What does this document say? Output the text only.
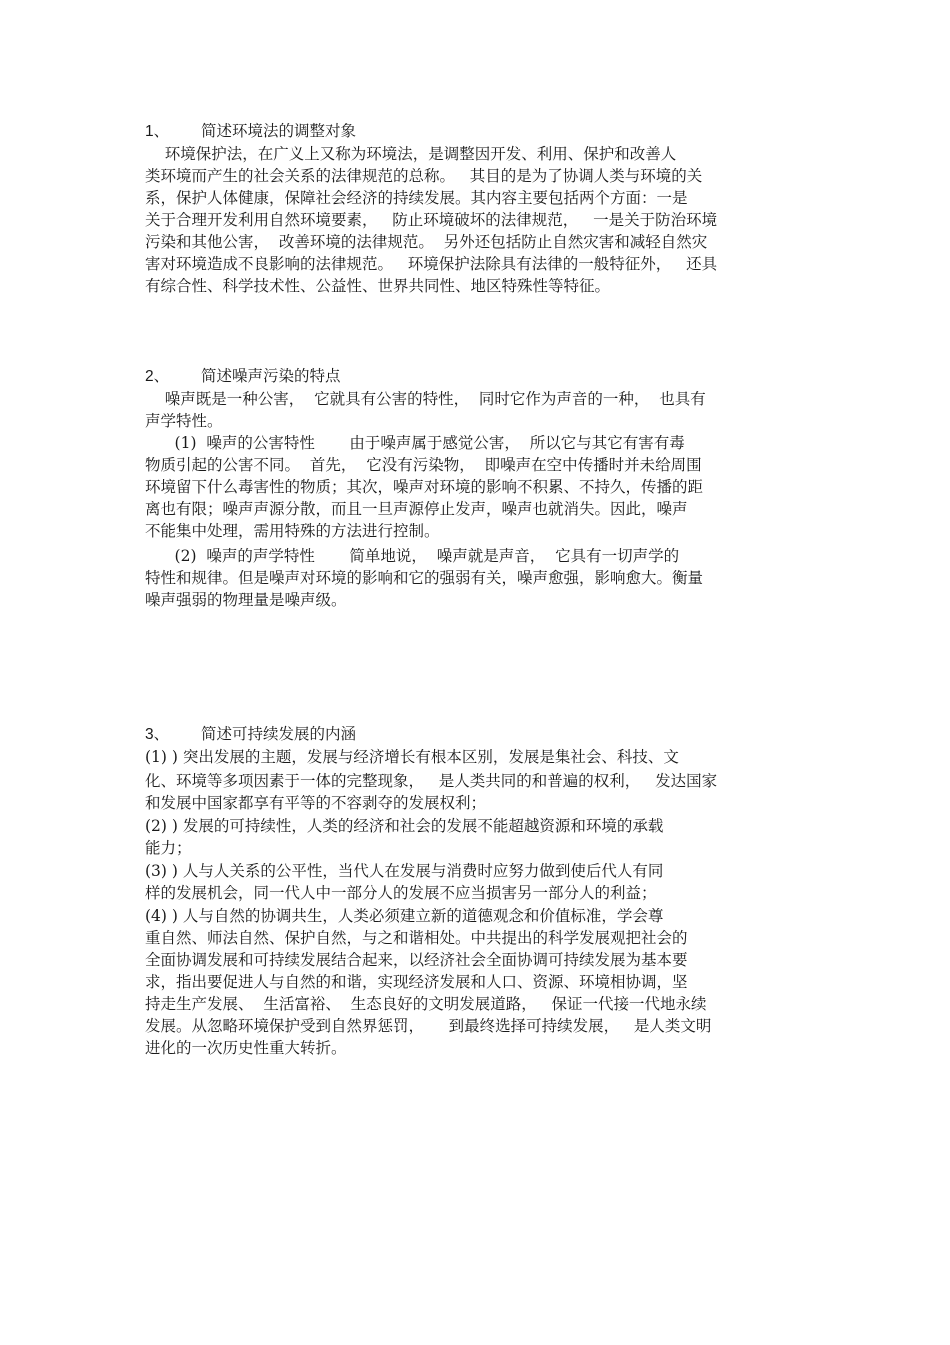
1、 简述环境法的调整对象
环境保护法，在广义上又称为环境法，是调整因开发、利用、保护和改善人
类环境而产生的社会关系的法律规范的总称。   其目的是为了协调人类与环境的关
系，保护人体健康，保障社会经济的持续发展。其内容主要包括两个方面：一是
关于合理开发利用自然环境要素，   防止环境破坏的法律规范，   一是关于防治环境
污染和其他公害，  改善环境的法律规范。  另外还包括防止自然灾害和减轻自然灾
害对环境造成不良影响的法律规范。   环境保护法除具有法律的一般特征外，   还具
有综合性、科学技术性、公益性、世界共同性、地区特殊性等特征。
2、 简述噪声污染的特点
噪声既是一种公害，  它就具有公害的特性，  同时它作为声音的一种，  也具有
声学特性。
(1)  噪声的公害特性       由于噪声属于感觉公害，  所以它与其它有害有毒
物质引起的公害不同。  首先，  它没有污染物，  即噪声在空中传播时并未给周围
环境留下什么毒害性的物质；其次，噪声对环境的影响不积累、不持久，传播的距
离也有限；噪声声源分散，而且一旦声源停止发声，噪声也就消失。因此，噪声
不能集中处理，需用特殊的方法进行控制。
(2)  噪声的声学特性       简单地说，  噪声就是声音，  它具有一切声学的
特性和规律。但是噪声对环境的影响和它的强弱有关，噪声愈强，影响愈大。衡量
噪声强弱的物理量是噪声级。
3、 简述可持续发展的内涵
(1) ) 突出发展的主题，发展与经济增长有根本区别，发展是集社会、科技、文
化、环境等多项因素于一体的完整现象，   是人类共同的和普遍的权利，   发达国家
和发展中国家都享有平等的不容剥夺的发展权利；
(2) ) 发展的可持续性，人类的经济和社会的发展不能超越资源和环境的承载
能力；
(3) ) 人与人关系的公平性，当代人在发展与消费时应努力做到使后代人有同
样的发展机会，同一代人中一部分人的发展不应当损害另一部分人的利益；
(4) ) 人与自然的协调共生，人类必须建立新的道德观念和价值标准，学会尊
重自然、师法自然、保护自然，与之和谐相处。中共提出的科学发展观把社会的
全面协调发展和可持续发展结合起来，以经济社会全面协调可持续发展为基本要
求，指出要促进人与自然的和谐，实现经济发展和人口、资源、环境相协调，坚
持走生产发展、  生活富裕、  生态良好的文明发展道路，   保证一代接一代地永续
发展。从忽略环境保护受到自然界惩罚，     到最终选择可持续发展，   是人类文明
进化的一次历史性重大转折。
